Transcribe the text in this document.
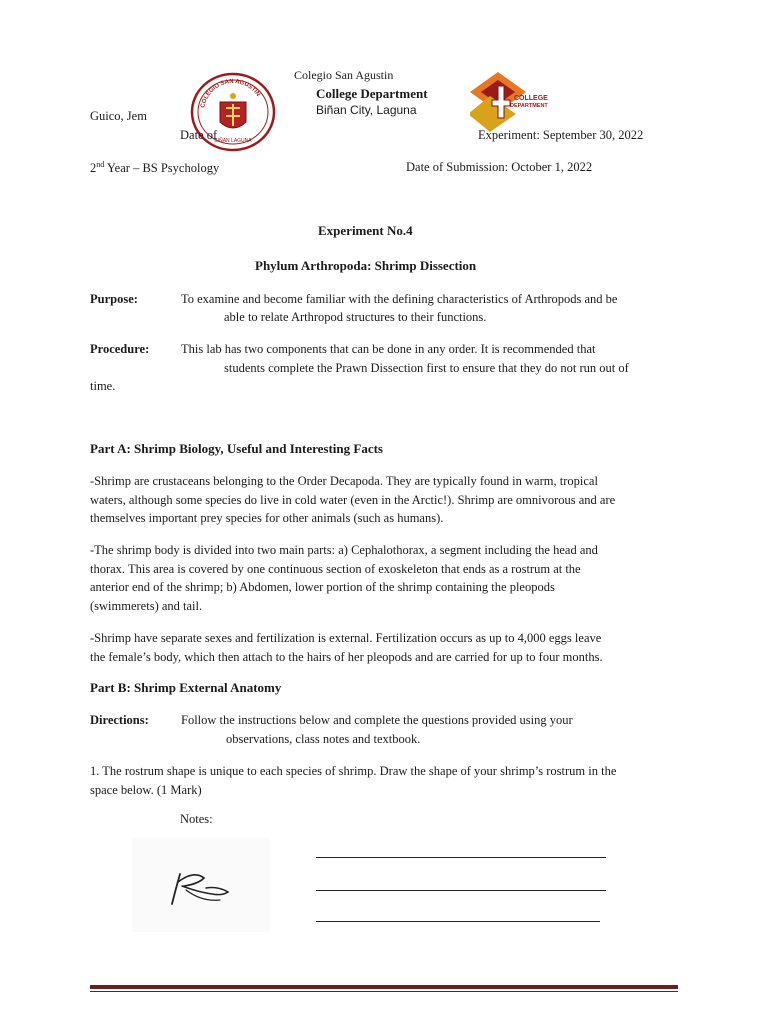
Colegio San Agustin
College Department
Biñan City, Laguna
COLEGIO SAN AGUSTIN
BIÑAN LAGUNA
COLLEGE
DEPARTMENT
Guico, Jem
Date of	Experiment: September 30, 2022
2nd Year – BS Psychology	Date of Submission: October 1, 2022
Experiment No.4
Phylum Arthropoda: Shrimp Dissection
Purpose:	To examine and become familiar with the defining characteristics of Arthropods and be
able to relate Arthropod structures to their functions.
Procedure:	This lab has two components that can be done in any order. It is recommended that
students complete the Prawn Dissection first to ensure that they do not run out of
time.
Part A: Shrimp Biology, Useful and Interesting Facts
-Shrimp are crustaceans belonging to the Order Decapoda. They are typically found in warm, tropical
waters, although some species do live in cold water (even in the Arctic!). Shrimp are omnivorous and are
themselves important prey species for other animals (such as humans).
-The shrimp body is divided into two main parts: a) Cephalothorax, a segment including the head and
thorax. This area is covered by one continuous section of exoskeleton that ends as a rostrum at the
anterior end of the shrimp; b) Abdomen, lower portion of the shrimp containing the pleopods
(swimmerets) and tail.
-Shrimp have separate sexes and fertilization is external. Fertilization occurs as up to 4,000 eggs leave
the female’s body, which then attach to the hairs of her pleopods and are carried for up to four months.
Part B: Shrimp External Anatomy
Directions:	Follow the instructions below and complete the questions provided using your
observations, class notes and textbook.
1. The rostrum shape is unique to each species of shrimp. Draw the shape of your shrimp’s rostrum in the
space below. (1 Mark)
Notes:
